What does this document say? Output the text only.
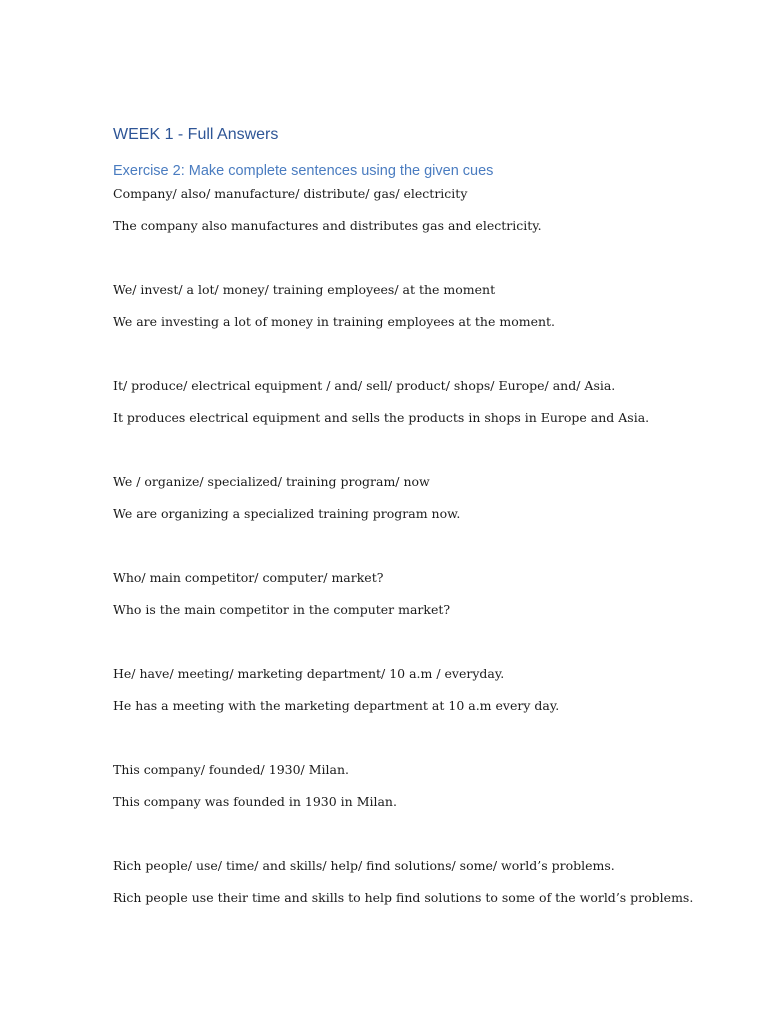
WEEK 1 - Full Answers
Exercise 2: Make complete sentences using the given cues

Company/ also/ manufacture/ distribute/ gas/ electricity

The company also manufactures and distributes gas and electricity.

We/ invest/ a lot/ money/ training employees/ at the moment

We are investing a lot of money in training employees at the moment.

It/ produce/ electrical equipment / and/ sell/ product/ shops/ Europe/ and/ Asia.

It produces electrical equipment and sells the products in shops in Europe and Asia.

We / organize/ specialized/ training program/ now

We are organizing a specialized training program now.

Who/ main competitor/ computer/ market?

Who is the main competitor in the computer market?

He/ have/ meeting/ marketing department/ 10 a.m / everyday.

He has a meeting with the marketing department at 10 a.m every day.

This company/ founded/ 1930/ Milan.

This company was founded in 1930 in Milan.

Rich people/ use/ time/ and skills/ help/ find solutions/ some/ world’s problems.

Rich people use their time and skills to help find solutions to some of the world’s problems.
